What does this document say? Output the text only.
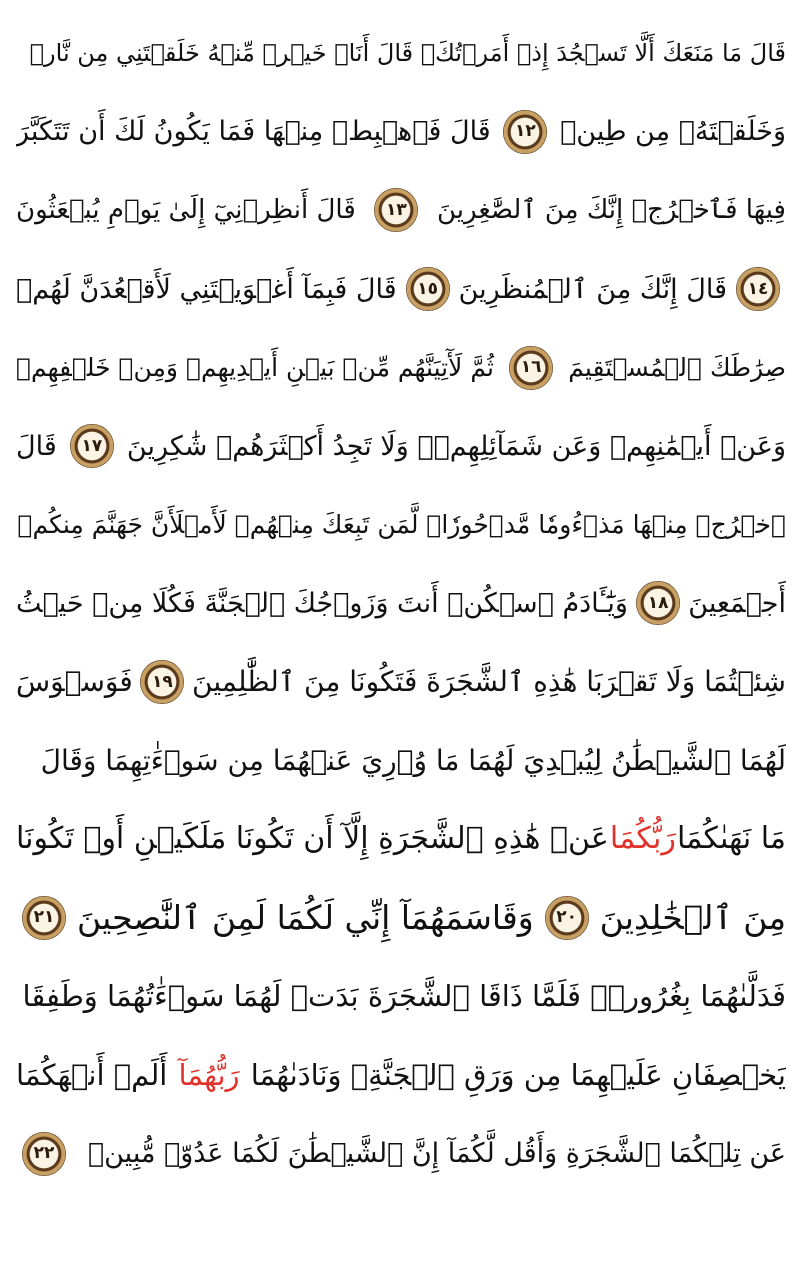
قَالَ مَا مَنَعَكَ أَلَّا تَسۡجُدَ إِذۡ أَمَرۡتُكَۖ قَالَ أَنَا۠ خَيۡرٞ مِّنۡهُ خَلَقۡتَنِي مِن نَّارٖ
وَخَلَقۡتَهُۥ مِن طِينٖ
١٢
قَالَ فَٱهۡبِطۡ مِنۡهَا فَمَا يَكُونُ لَكَ أَن تَتَكَبَّرَ
فِيهَا فَٱخۡرُجۡ إِنَّكَ مِنَ ٱلصَّٰغِرِينَ
١٣
قَالَ أَنظِرۡنِيٓ إِلَىٰ يَوۡمِ يُبۡعَثُونَ
١٤
قَالَ إِنَّكَ مِنَ ٱلۡمُنظَرِينَ
١٥
قَالَ فَبِمَآ أَغۡوَيۡتَنِي لَأَقۡعُدَنَّ لَهُمۡ
صِرَٰطَكَ ٱلۡمُسۡتَقِيمَ
١٦
ثُمَّ لَأٓتِيَنَّهُم مِّنۢ بَيۡنِ أَيۡدِيهِمۡ وَمِنۡ خَلۡفِهِمۡ
وَعَنۡ أَيۡمَٰنِهِمۡ وَعَن شَمَآئِلِهِمۡۖ وَلَا تَجِدُ أَكۡثَرَهُمۡ شَٰكِرِينَ
١٧
قَالَ
ٱخۡرُجۡ مِنۡهَا مَذۡءُومٗا مَّدۡحُورٗاۖ لَّمَن تَبِعَكَ مِنۡهُمۡ لَأَمۡلَأَنَّ جَهَنَّمَ مِنكُمۡ
أَجۡمَعِينَ
١٨
وَيَٰٓـَٔادَمُ ٱسۡكُنۡ أَنتَ وَزَوۡجُكَ ٱلۡجَنَّةَ فَكُلَا مِنۡ حَيۡثُ
شِئۡتُمَا وَلَا تَقۡرَبَا هَٰذِهِ ٱلشَّجَرَةَ فَتَكُونَا مِنَ ٱلظَّٰلِمِينَ
١٩
فَوَسۡوَسَ
لَهُمَا ٱلشَّيۡطَٰنُ لِيُبۡدِيَ لَهُمَا مَا وُۥرِيَ عَنۡهُمَا مِن سَوۡءَٰتِهِمَا وَقَالَ
مَا نَهَىٰكُمَا
رَبُّكُمَا
عَنۡ هَٰذِهِ ٱلشَّجَرَةِ إِلَّآ أَن تَكُونَا مَلَكَيۡنِ أَوۡ تَكُونَا
مِنَ ٱلۡخَٰلِدِينَ
٢٠
وَقَاسَمَهُمَآ إِنِّي لَكُمَا لَمِنَ ٱلنَّٰصِحِينَ
٢١
فَدَلَّىٰهُمَا بِغُرُورٖۚ فَلَمَّا ذَاقَا ٱلشَّجَرَةَ بَدَتۡ لَهُمَا سَوۡءَٰتُهُمَا وَطَفِقَا
يَخۡصِفَانِ عَلَيۡهِمَا مِن وَرَقِ ٱلۡجَنَّةِۖ وَنَادَىٰهُمَا
رَبُّهُمَآ
أَلَمۡ أَنۡهَكُمَا
عَن تِلۡكُمَا ٱلشَّجَرَةِ وَأَقُل لَّكُمَآ إِنَّ ٱلشَّيۡطَٰنَ لَكُمَا عَدُوّٞ مُّبِينٞ
٢٢
